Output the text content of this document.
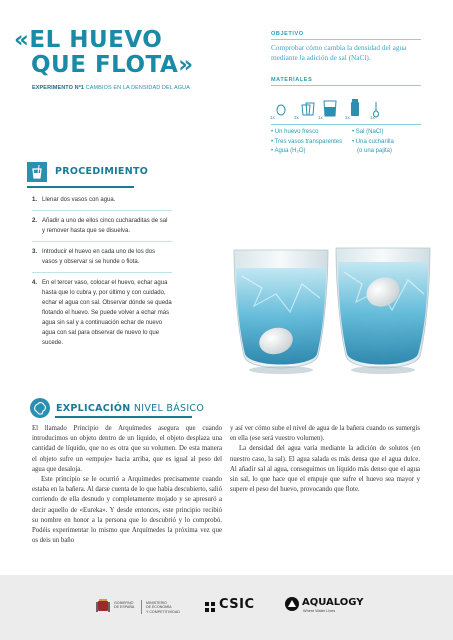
«EL HUEVO
QUE FLOTA»
EXPERIMENTO Nº1 CAMBIOS EN LA DENSIDAD DEL AGUA
OBJETIVO
Comprobar cómo cambia la densidad del agua mediante la adición de sal (NaCl).
MATERIALES
1x	3x	1x	1x	1x
• Un huevo fresco
• Tres vasos transparentes
• Agua (H₂O)
• Sal (NaCl)
• Una cucharilla
(o una pajita)
PROCEDIMIENTO
1. Llenar dos vasos con agua.
2. Añadir a uno de ellos cinco cucharaditas de sal y remover hasta que se disuelva.
3. Introducir el huevo en cada uno de los dos vasos y observar si se hunde o flota.
4. En el tercer vaso, colocar el huevo, echar agua hasta que lo cubra y, por último y con cuidado, echar el agua con sal. Observar dónde se queda flotando el huevo. Se puede volver a echar más agua sin sal y a continuación echar de nuevo agua con sal para observar de nuevo lo que sucede.
EXPLICACIÓN NIVEL BÁSICO

El llamado Principio de Arquímedes asegura que cuando introducimos un objeto dentro de un líquido, el objeto desplaza una cantidad de líquido, que no es otra que su volumen. De esta manera el objeto sufre un «empuje» hacia arriba, que es igual al peso del agua que desaloja.

Este principio se le ocurrió a Arquímedes precisamente cuando estaba en la bañera. Al darse cuenta de lo que había descubierto, salió corriendo de ella desnudo y completamente mojado y se apresuró a decir aquello de «Eureka». Y desde entonces, este principio recibió su nombre en honor a la persona que lo descubrió y lo comprobó. Podéis experimentar lo mismo que Arquímedes la próxima vez que os deis un baño

y así ver cómo sube el nivel de agua de la bañera cuando os sumergís en ella (ese será vuestro volumen).

La densidad del agua varía mediante la adición de solutos (en nuestro caso, la sal). El agua salada es más densa que el agua dulce. Al añadir sal al agua, conseguimos un líquido más denso que el agua sin sal, lo que hace que el empuje que sufre el huevo sea mayor y supere el peso del huevo, provocando que flote.

GOBIERNO
DE ESPAÑA
MINISTERIO
DE ECONOMÍA
Y COMPETITIVIDAD	CSIC	AQUALOGY
Where Water Lives
